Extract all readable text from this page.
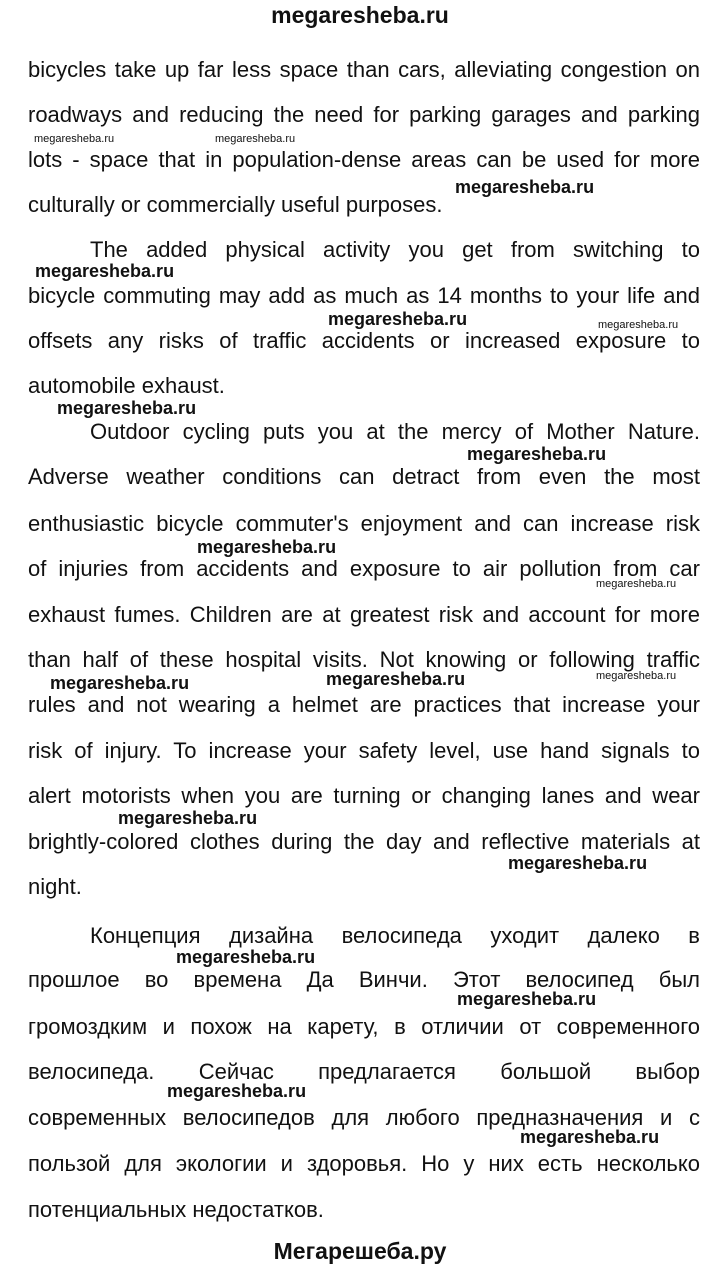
megaresheba.ru
bicycles take up far less space than cars, alleviating congestion on
roadways and reducing the need for parking garages and parking
lots - space that in population-dense areas can be used for more
culturally or commercially useful purposes.
The added physical activity you get from switching to
bicycle commuting may add as much as 14 months to your life and
offsets any risks of traffic accidents or increased exposure to
automobile exhaust.
Outdoor cycling puts you at the mercy of Mother Nature.
Adverse weather conditions can detract from even the most
enthusiastic bicycle commuter's enjoyment and can increase risk
of injuries from accidents and exposure to air pollution from car
exhaust fumes. Children are at greatest risk and account for more
than half of these hospital visits. Not knowing or following traffic
rules and not wearing a helmet are practices that increase your
risk of injury. To increase your safety level, use hand signals to
alert motorists when you are turning or changing lanes and wear
brightly-colored clothes during the day and reflective materials at
night.
Концепция дизайна велосипеда уходит далеко в
прошлое во времена Да Винчи. Этот велосипед был
громоздким и похож на карету, в отличии от современного
велосипеда. Сейчас предлагается большой выбор
современных велосипедов для любого предназначения и с
пользой для экологии и здоровья. Но у них есть несколько
потенциальных недостатков.
megaresheba.ru	megaresheba.ru
megaresheba.ru
megaresheba.ru
megaresheba.ru	megaresheba.ru
megaresheba.ru
megaresheba.ru
megaresheba.ru
megaresheba.ru
megaresheba.ru	megaresheba.ru	megaresheba.ru
megaresheba.ru
megaresheba.ru
megaresheba.ru
megaresheba.ru
megaresheba.ru
megaresheba.ru
Мегарешеба.ру
